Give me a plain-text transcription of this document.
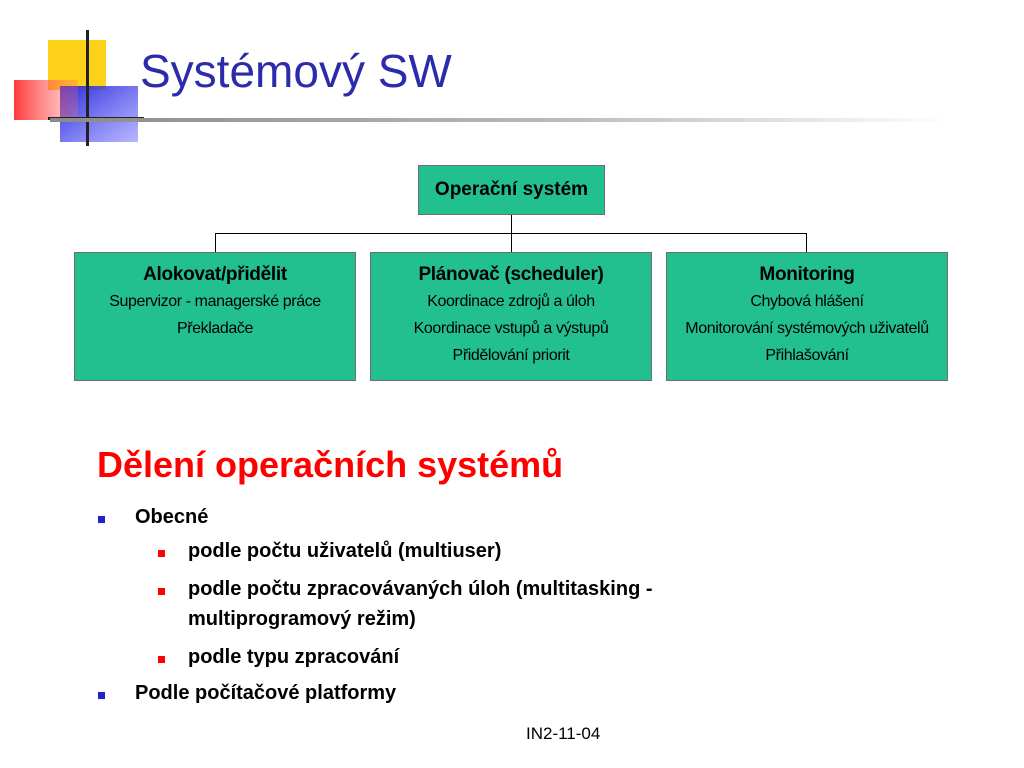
Systémový SW
Operační systém
Alokovat/přidělit
Supervizor - managerské práce
Překladače
Plánovač (scheduler)
Koordinace zdrojů a úloh
Koordinace vstupů a výstupů
Přidělování priorit
Monitoring
Chybová hlášení
Monitorování systémových uživatelů
Přihlašování
Dělení operačních systémů
Obecné
podle počtu uživatelů (multiuser)
podle počtu zpracovávaných úloh (multitasking -
multiprogramový režim)
podle typu zpracování
Podle počítačové platformy
IN2-11-04
